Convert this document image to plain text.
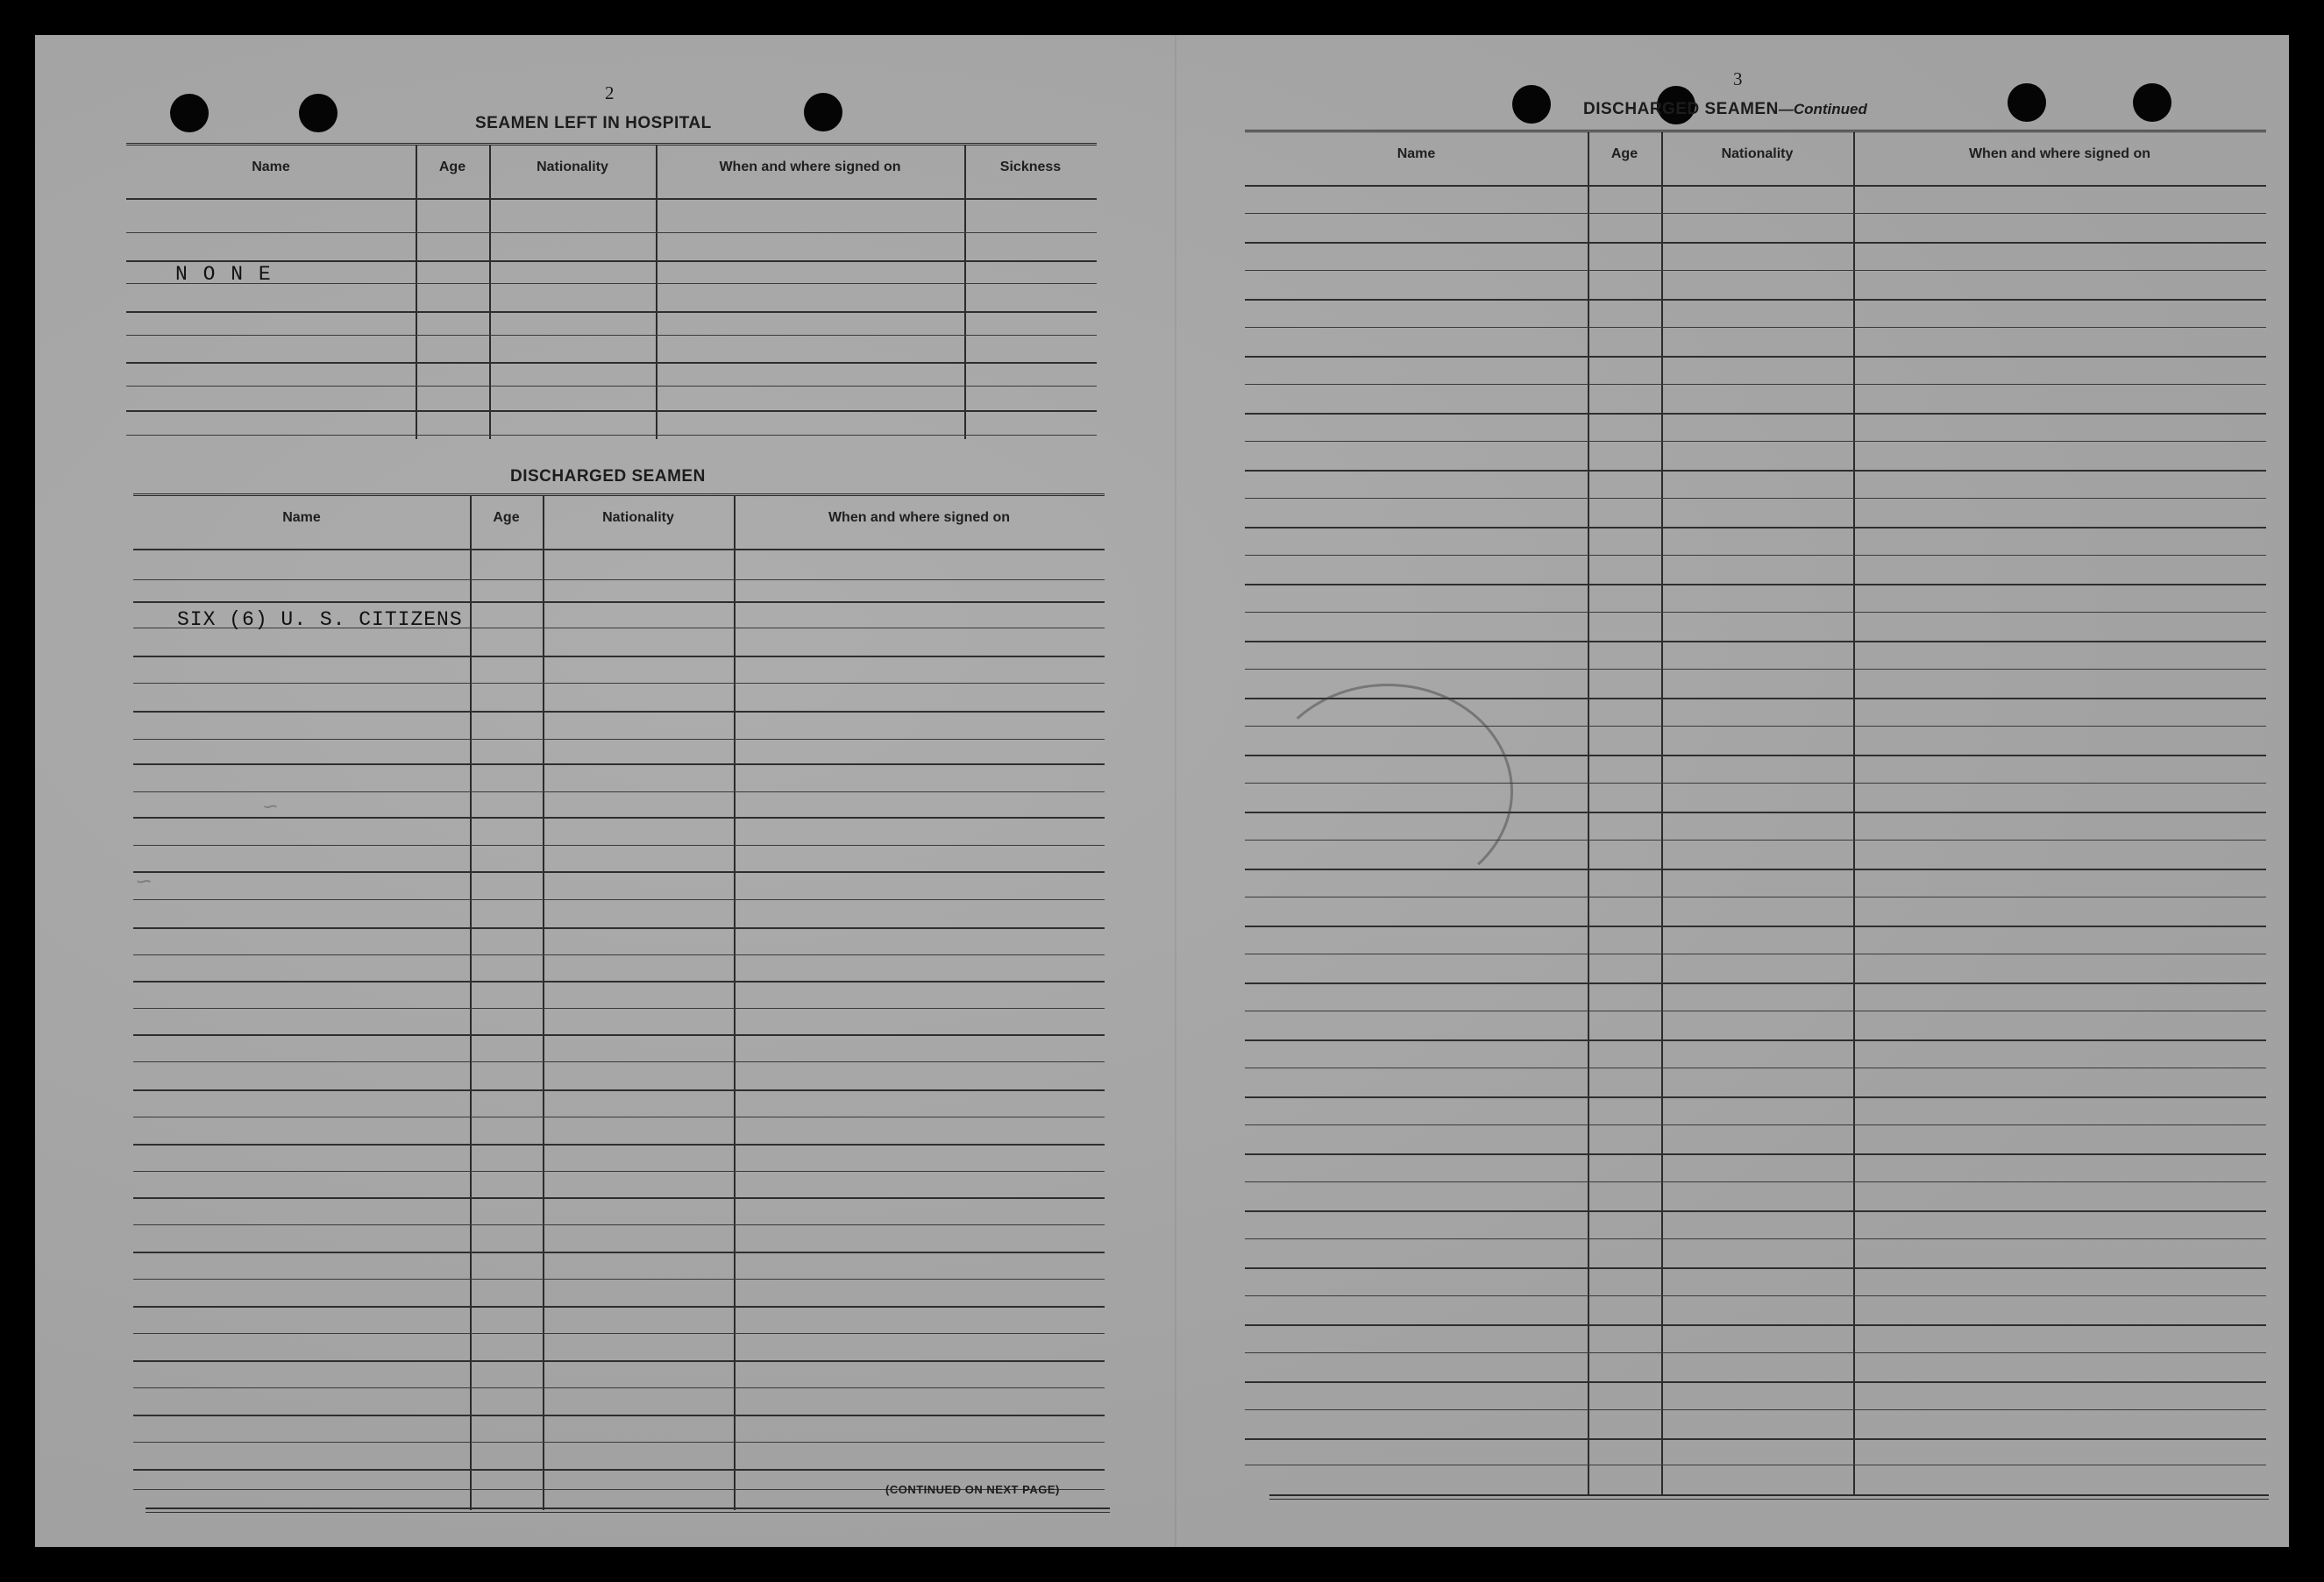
2
SEAMEN LEFT IN HOSPITAL
Name	Age	Nationality	When and where signed on	Sickness
N O N E
DISCHARGED SEAMEN
Name	Age	Nationality	When and where signed on
SIX (6) U. S. CITIZENS
(CONTINUED ON NEXT PAGE)
~
~
3
DISCHARGED SEAMEN—Continued
Name	Age	Nationality	When and where signed on
